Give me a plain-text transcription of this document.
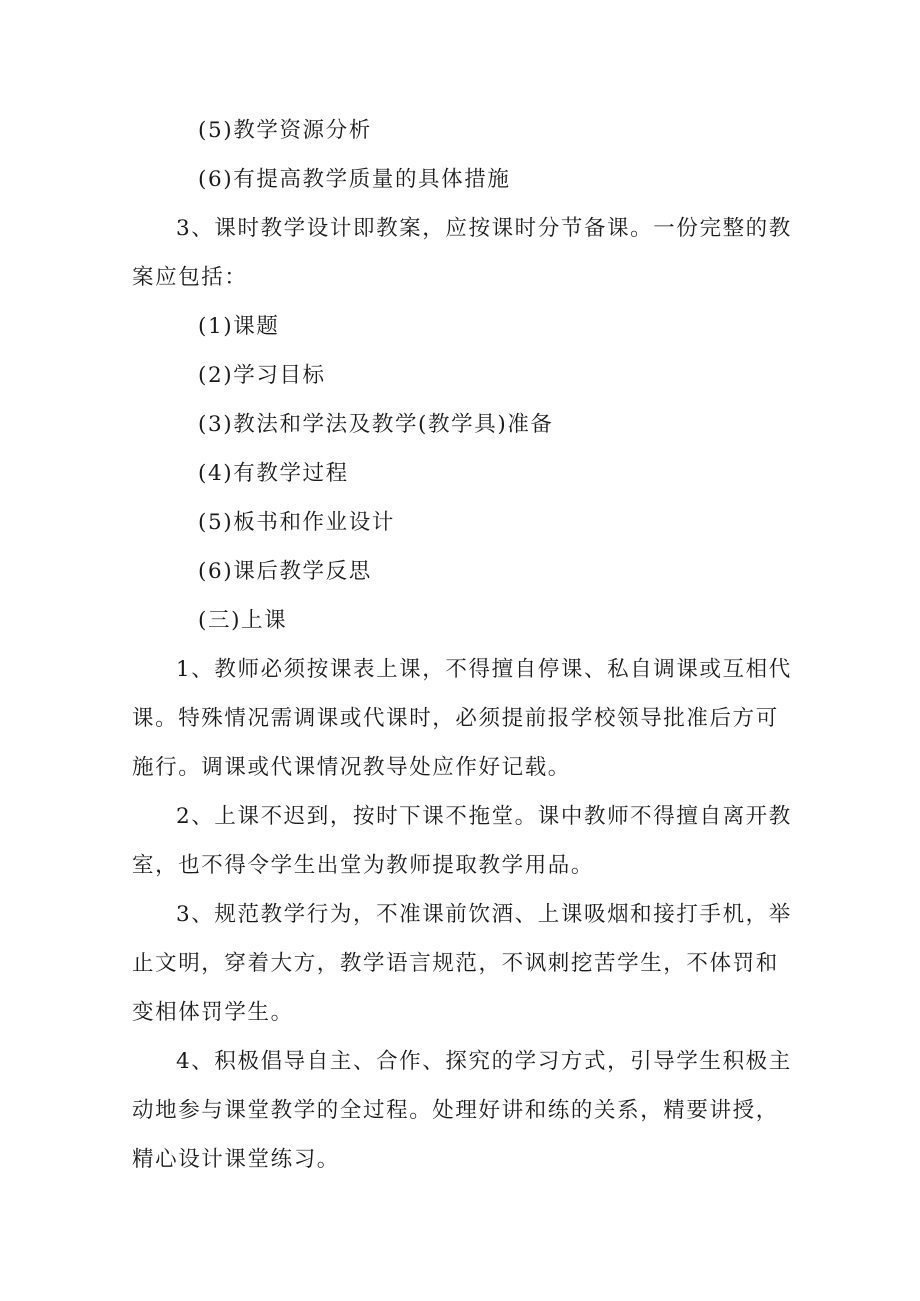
(5)教学资源分析
(6)有提高教学质量的具体措施
3、课时教学设计即教案，应按课时分节备课。一份完整的教
案应包括：
(1)课题
(2)学习目标
(3)教法和学法及教学(教学具)准备
(4)有教学过程
(5)板书和作业设计
(6)课后教学反思
(三)上课
1、教师必须按课表上课，不得擅自停课、私自调课或互相代
课。特殊情况需调课或代课时，必须提前报学校领导批准后方可
施行。调课或代课情况教导处应作好记载。
2、上课不迟到，按时下课不拖堂。课中教师不得擅自离开教
室，也不得令学生出堂为教师提取教学用品。
3、规范教学行为，不准课前饮酒、上课吸烟和接打手机，举
止文明，穿着大方，教学语言规范，不讽刺挖苦学生，不体罚和
变相体罚学生。
4、积极倡导自主、合作、探究的学习方式，引导学生积极主
动地参与课堂教学的全过程。处理好讲和练的关系，精要讲授，
精心设计课堂练习。
